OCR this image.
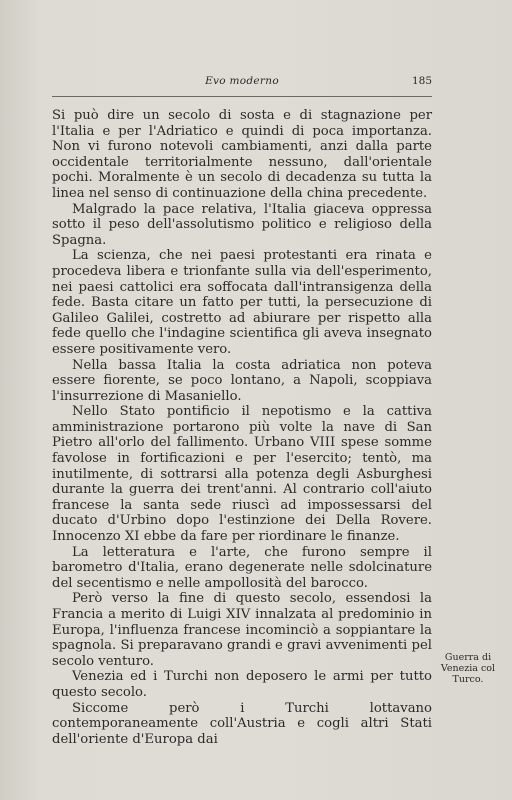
Evo moderno	185

Si può dire un secolo di sosta e di stagnazione per l'Italia e per l'Adriatico e quindi di poca importanza. Non vi furono notevoli cambiamenti, anzi dalla parte occidentale territorialmente nessuno, dall'orientale pochi. Moralmente è un secolo di decadenza su tutta la linea nel senso di continuazione della china precedente.

Malgrado la pace relativa, l'Italia giaceva oppressa sotto il peso dell'assolutismo politico e religioso della Spagna.

La scienza, che nei paesi protestanti era rinata e procedeva libera e trionfante sulla via dell'esperimento, nei paesi cattolici era soffocata dall'intransigenza della fede. Basta citare un fatto per tutti, la persecuzione di Galileo Galilei, costretto ad abiurare per rispetto alla fede quello che l'indagine scientifica gli aveva insegnato essere positivamente vero.

Nella bassa Italia la costa adriatica non poteva essere fiorente, se poco lontano, a Napoli, scoppiava l'insurrezione di Masaniello.

Nello Stato pontificio il nepotismo e la cattiva amministrazione portarono più volte la nave di San Pietro all'orlo del fallimento. Urbano VIII spese somme favolose in fortificazioni e per l'esercito; tentò, ma inutilmente, di sottrarsi alla potenza degli Asburghesi durante la guerra dei trent'anni. Al contrario coll'aiuto francese la santa sede riuscì ad impossessarsi del ducato d'Urbino dopo l'estinzione dei Della Rovere. Innocenzo XI ebbe da fare per riordinare le finanze.

La letteratura e l'arte, che furono sempre il barometro d'Italia, erano degenerate nelle sdolcinature del secentismo e nelle ampollosità del barocco.

Però verso la fine di questo secolo, essendosi la Francia a merito di Luigi XIV innalzata al predominio in Europa, l'influenza francese incominciò a soppiantare la spagnola. Si preparavano grandi e gravi avvenimenti pel secolo venturo.

Venezia ed i Turchi non deposero le armi per tutto questo secolo.

Siccome però i Turchi lottavano contemporaneamente coll'Austria e cogli altri Stati dell'oriente d'Europa dai

Guerra di Venezia col Turco.
